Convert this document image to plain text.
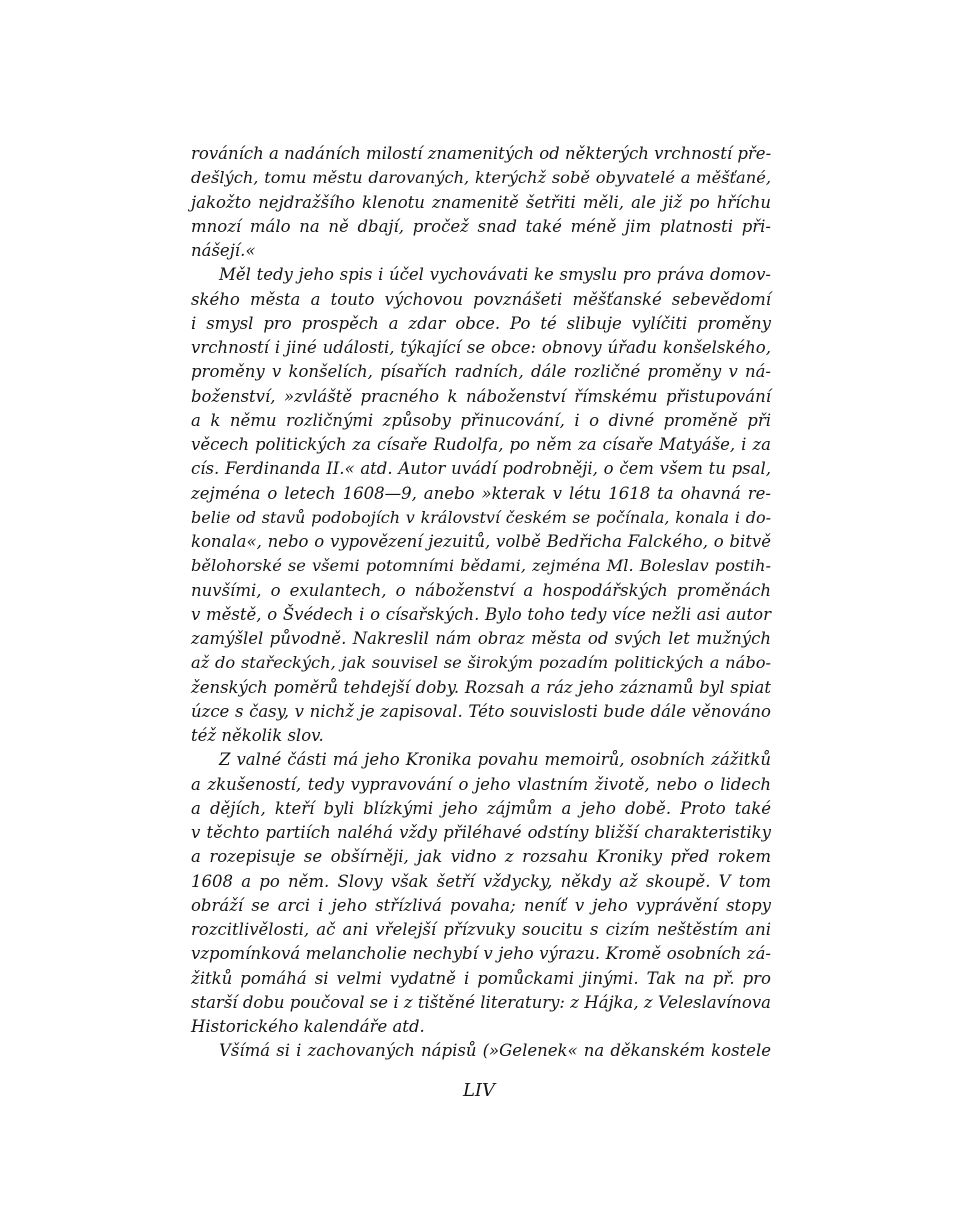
rováních a nadáních milostí znamenitých od některých vrchností pře-
dešlých, tomu městu darovaných, kterýchž sobě obyvatelé a měšťané,
jakožto nejdražšího klenotu znamenitě šetřiti měli, ale již po hříchu
mnozí málo na ně dbají, pročež snad také méně jim platnosti při-
nášejí.«
Měl tedy jeho spis i účel vychovávati ke smyslu pro práva domov-
ského města a touto výchovou povznášeti měšťanské sebevědomí
i smysl pro prospěch a zdar obce. Po té slibuje vylíčiti proměny
vrchností i jiné události, týkající se obce: obnovy úřadu konšelského,
proměny v konšelích, písařích radních, dále rozličné proměny v ná-
boženství, »zvláště pracného k náboženství římskému přistupování
a k němu rozličnými způsoby přinucování, i o divné proměně při
věcech politických za císaře Rudolfa, po něm za císaře Matyáše, i za
cís. Ferdinanda II.« atd. Autor uvádí podrobněji, o čem všem tu psal,
zejména o letech 1608—9, anebo »kterak v létu 1618 ta ohavná re-
belie od stavů podobojích v království českém se počínala, konala i do-
konala«, nebo o vypovězení jezuitů, volbě Bedřicha Falckého, o bitvě
bělohorské se všemi potomními bědami, zejména Ml. Boleslav postih-
nuvšími, o exulantech, o náboženství a hospodářských proměnách
v městě, o Švédech i o císařských. Bylo toho tedy více nežli asi autor
zamýšlel původně. Nakreslil nám obraz města od svých let mužných
až do stařeckých, jak souvisel se širokým pozadím politických a nábo-
ženských poměrů tehdejší doby. Rozsah a ráz jeho záznamů byl spiat
úzce s časy, v nichž je zapisoval. Této souvislosti bude dále věnováno
též několik slov.
Z valné části má jeho Kronika povahu memoirů, osobních zážitků
a zkušeností, tedy vypravování o jeho vlastním životě, nebo o lidech
a dějích, kteří byli blízkými jeho zájmům a jeho době. Proto také
v těchto partiích naléhá vždy přiléhavé odstíny bližší charakteristiky
a rozepisuje se obšírněji, jak vidno z rozsahu Kroniky před rokem
1608 a po něm. Slovy však šetří vždycky, někdy až skoupě. V tom
obráží se arci i jeho střízlivá povaha; neníť v jeho vyprávění stopy
rozcitlivělosti, ač ani vřelejší přízvuky soucitu s cizím neštěstím ani
vzpomínková melancholie nechybí v jeho výrazu. Kromě osobních zá-
žitků pomáhá si velmi vydatně i pomůckami jinými. Tak na př. pro
starší dobu poučoval se i z tištěné literatury: z Hájka, z Veleslavínova
Historického kalendáře atd.
Všímá si i zachovaných nápisů (»Gelenek« na děkanském kostele
LIV
